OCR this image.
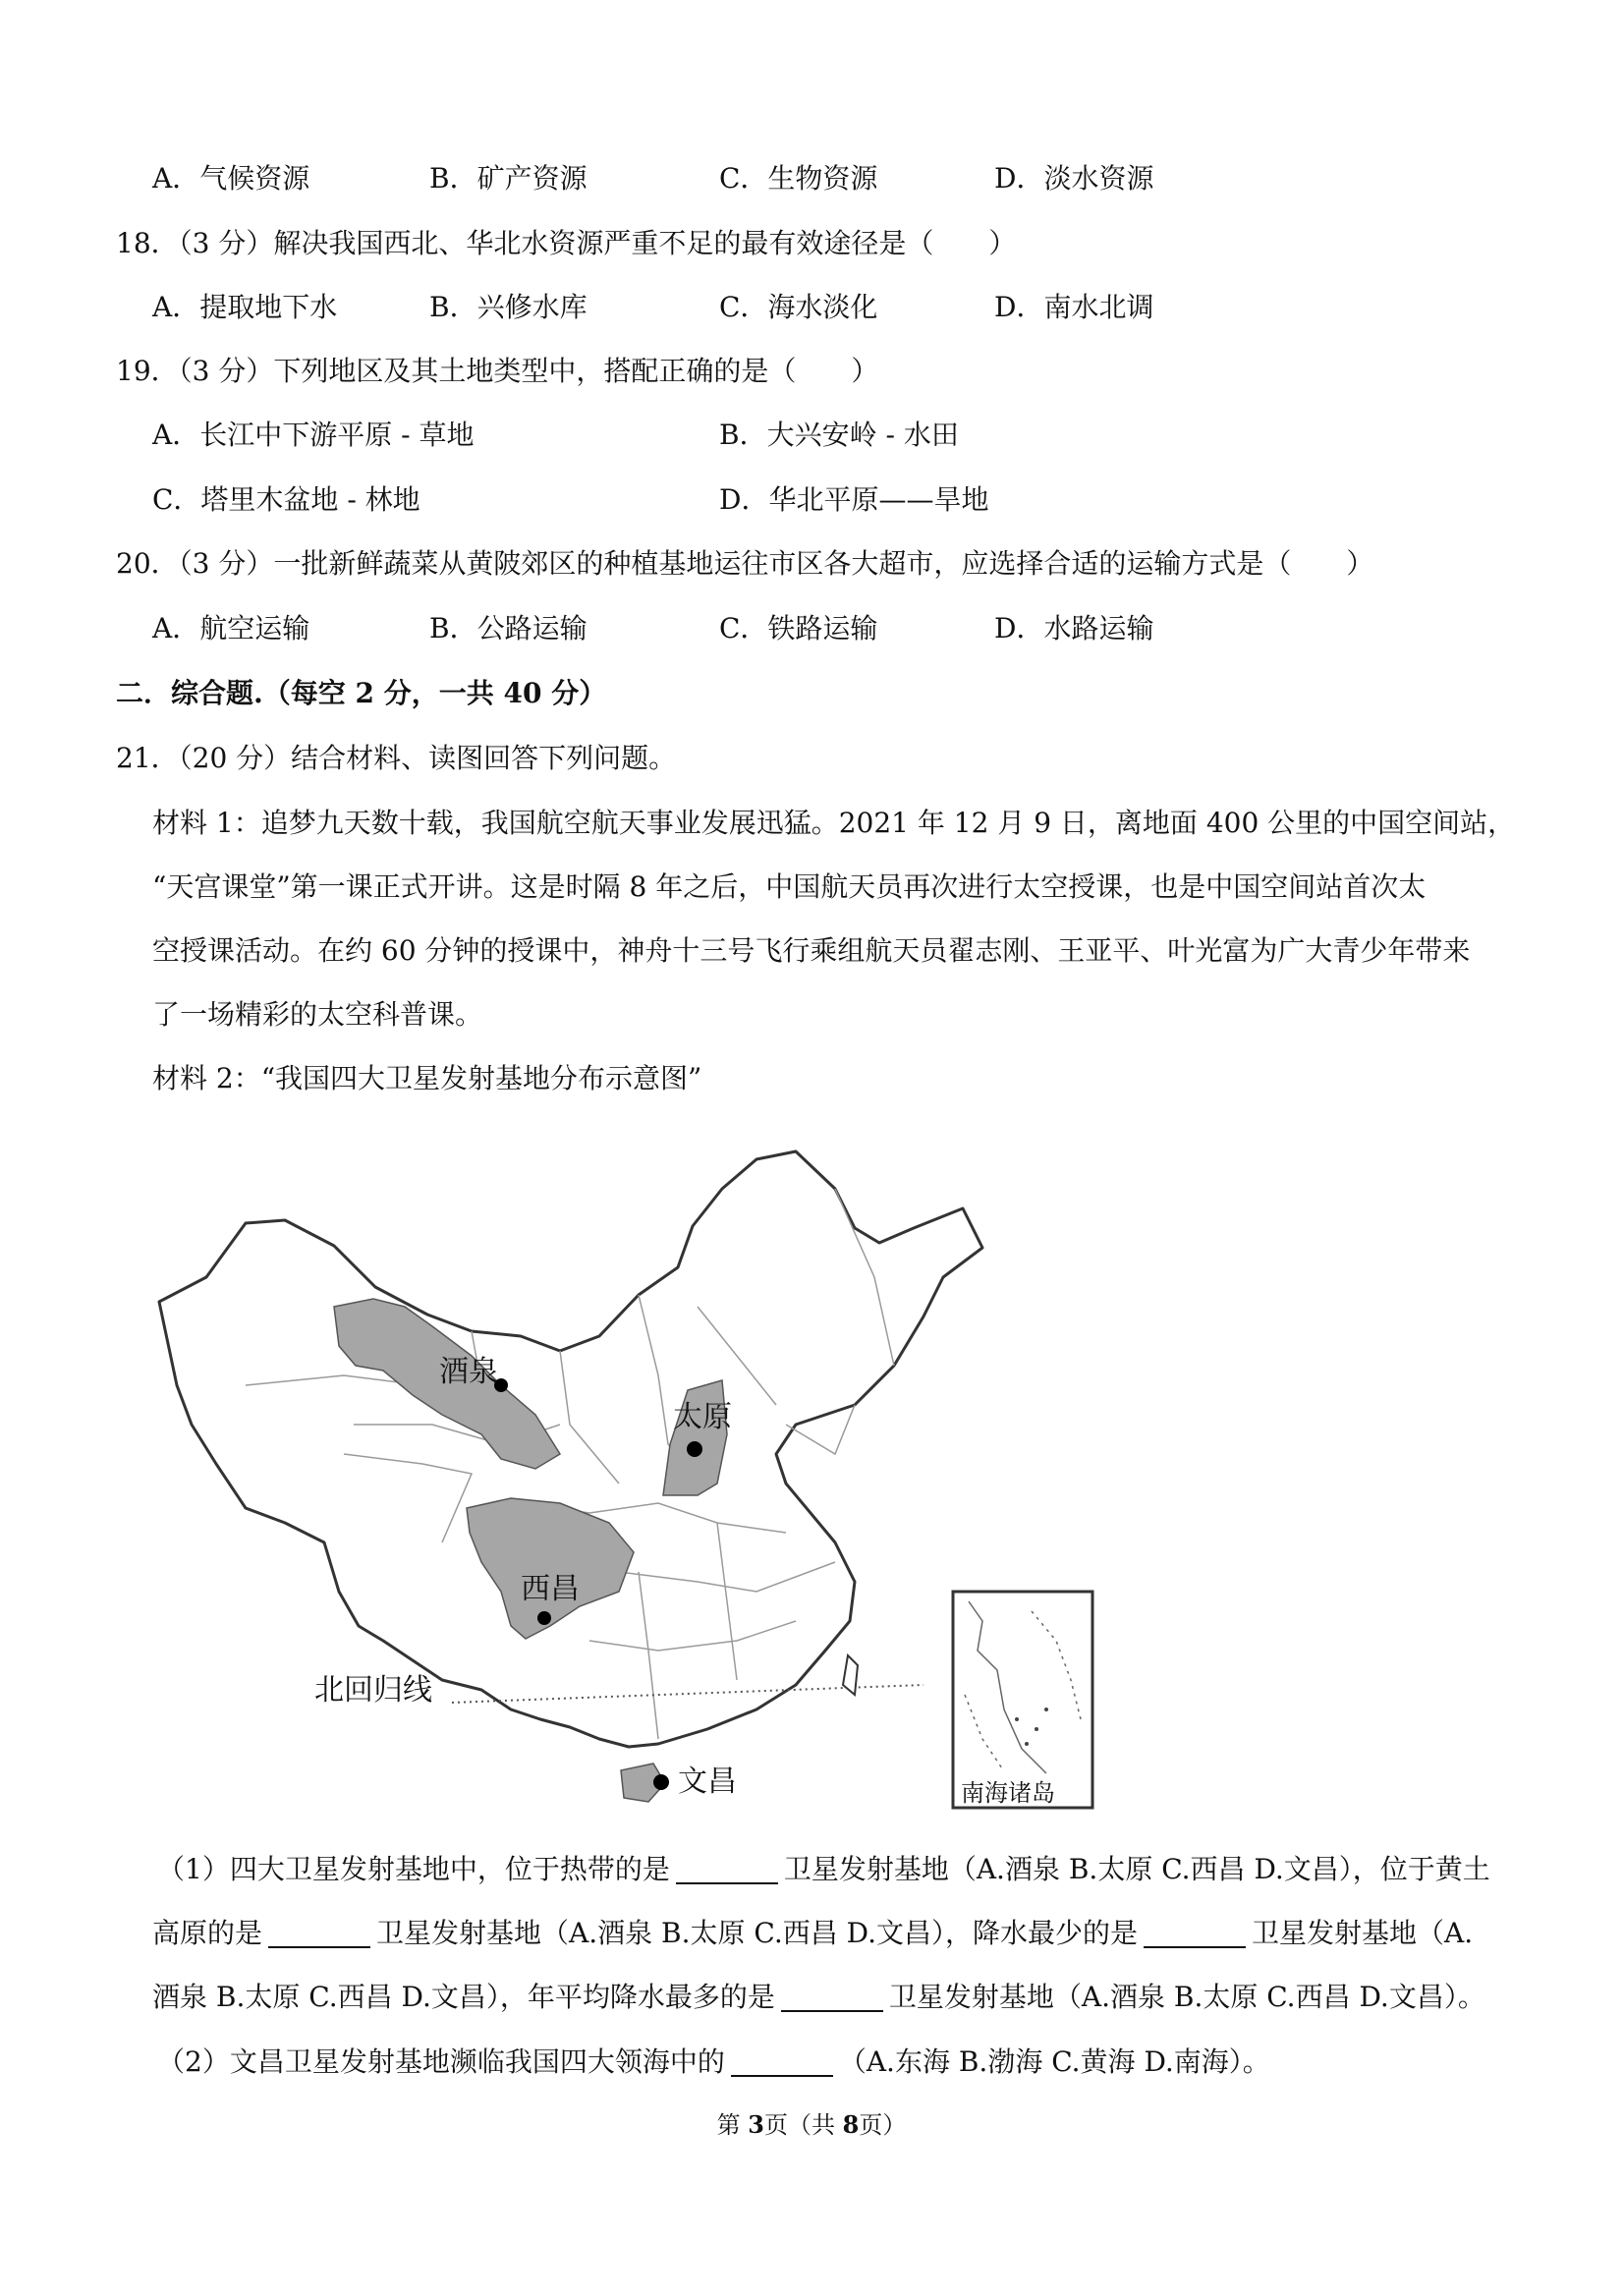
A．气候资源	B．矿产资源	C．生物资源	D．淡水资源
18．（3 分）解决我国西北、华北水资源严重不足的最有效途径是（　　）
A．提取地下水	B．兴修水库	C．海水淡化	D．南水北调
19．（3 分）下列地区及其土地类型中，搭配正确的是（　　）
A．长江中下游平原 - 草地	B．大兴安岭 - 水田
C．塔里木盆地 - 林地	D．华北平原——旱地
20．（3 分）一批新鲜蔬菜从黄陂郊区的种植基地运往市区各大超市，应选择合适的运输方式是（　　）
A．航空运输	B．公路运输	C．铁路运输	D．水路运输
二．综合题.（每空 2 分，一共 40 分）
21．（20 分）结合材料、读图回答下列问题。
材料 1：追梦九天数十载，我国航空航天事业发展迅猛。2021 年 12 月 9 日，离地面 400 公里的中国空间站，
“天宫课堂”第一课正式开讲。这是时隔 8 年之后，中国航天员再次进行太空授课，也是中国空间站首次太
空授课活动。在约 60 分钟的授课中，神舟十三号飞行乘组航天员翟志刚、王亚平、叶光富为广大青少年带来
了一场精彩的太空科普课。
材料 2：“我国四大卫星发射基地分布示意图”
北回归线
酒泉
太原
西昌
文昌	南海诸岛
（1）四大卫星发射基地中，位于热带的是	卫星发射基地（A.酒泉 B.太原 C.西昌 D.文昌），位于黄土
高原的是	卫星发射基地（A.酒泉 B.太原 C.西昌 D.文昌），降水最少的是	卫星发射基地（A.
酒泉 B.太原 C.西昌 D.文昌），年平均降水最多的是	卫星发射基地（A.酒泉 B.太原 C.西昌 D.文昌）。
（2）文昌卫星发射基地濒临我国四大领海中的	（A.东海 B.渤海 C.黄海 D.南海）。
第 3页（共 8页）
